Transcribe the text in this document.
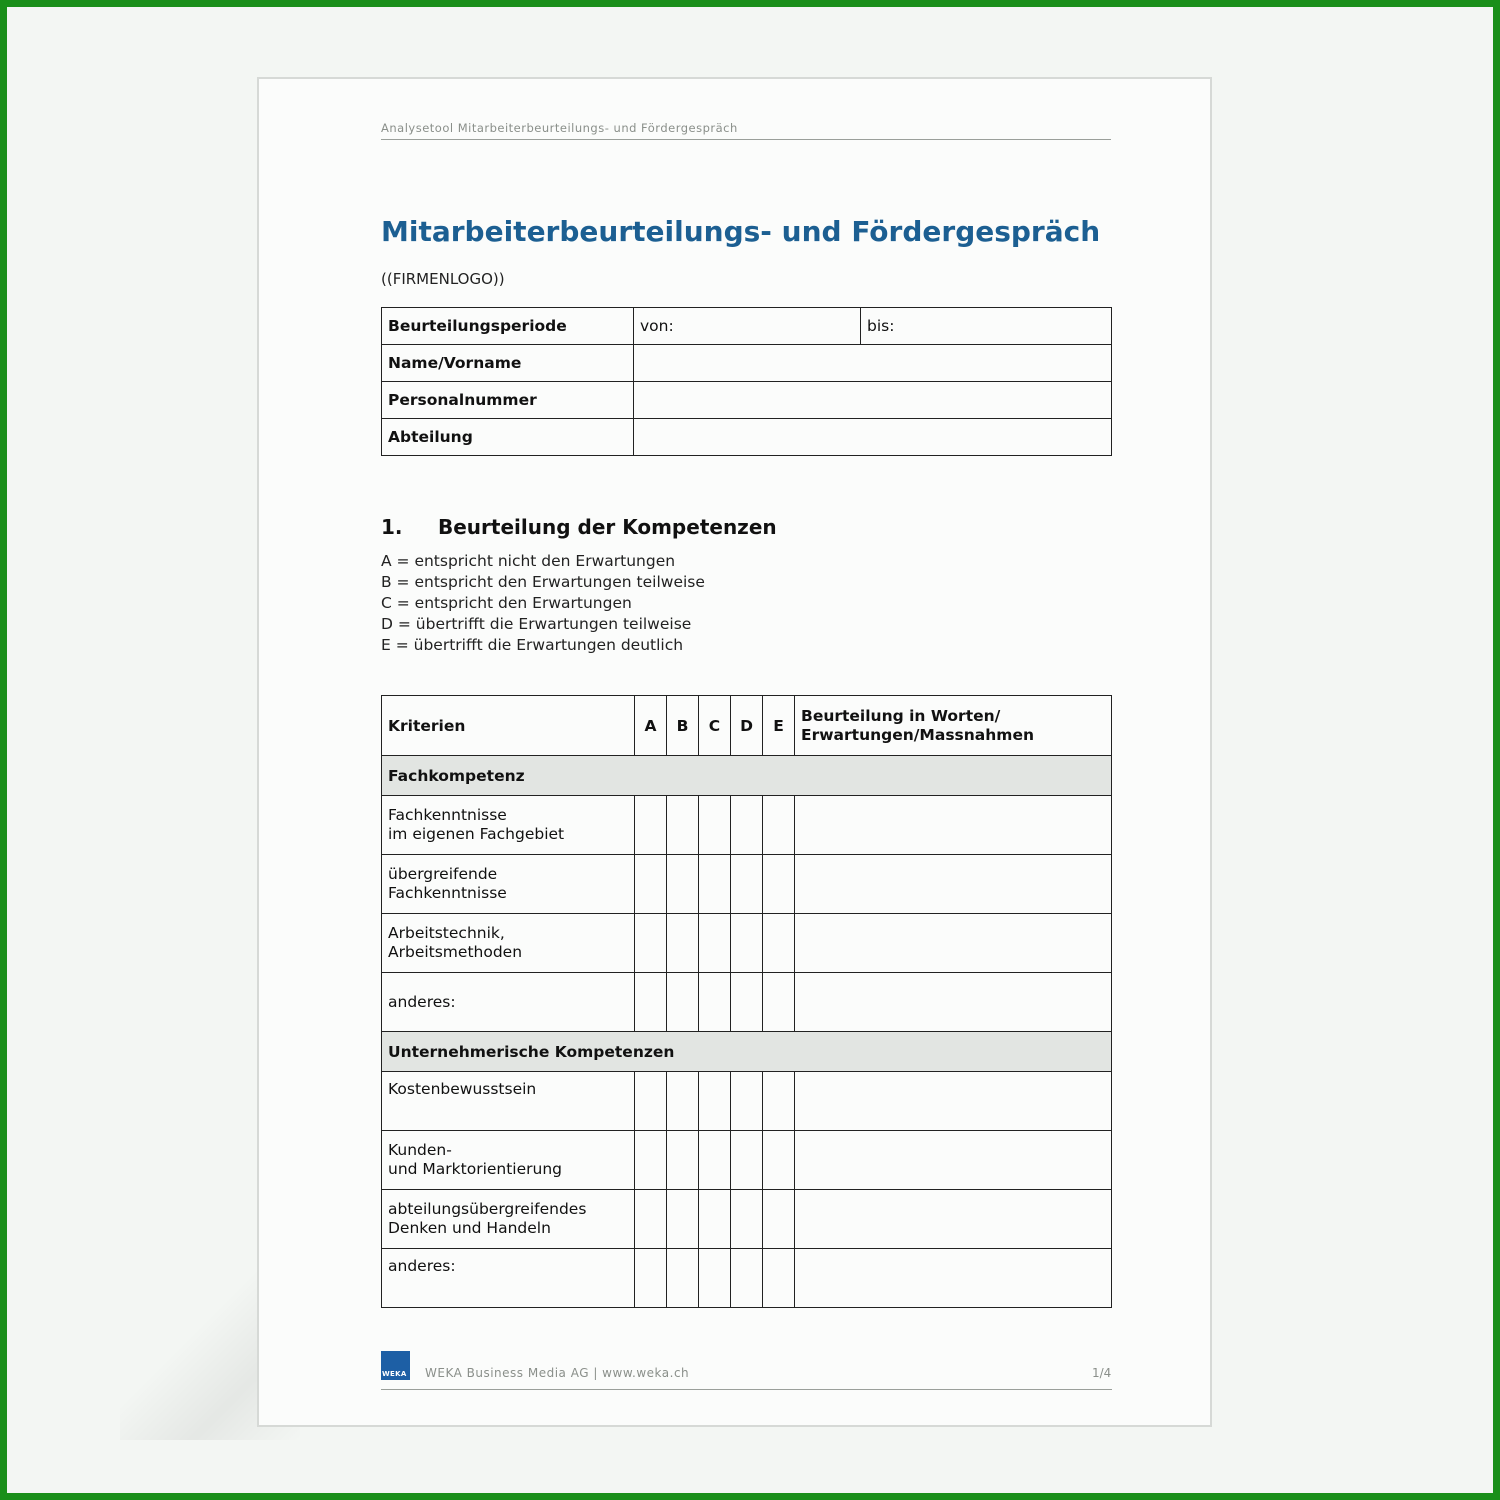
Analysetool Mitarbeiterbeurteilungs- und Fördergespräch
Mitarbeiterbeurteilungs- und Fördergespräch
((FIRMENLOGO))
Beurteilungsperiode	von:	bis:
Name/Vorname		
Personalnummer		
Abteilung		
1. Beurteilung der Kompetenzen
A = entspricht nicht den Erwartungen
B = entspricht den Erwartungen teilweise
C = entspricht den Erwartungen
D = übertrifft die Erwartungen teilweise
E = übertrifft die Erwartungen deutlich
Kriterien	A	B	C	D	E	Beurteilung in Worten/
Erwartungen/Massnahmen

Fachkompetenz						

Fachkenntnisse
im eigenen Fachgebiet						

übergreifende
Fachkenntnisse						

Arbeitstechnik,
Arbeitsmethoden						

anderes:						

Unternehmerische Kompetenzen						

Kostenbewusstsein						

Kunden-
und Marktorientierung						

abteilungsübergreifendes
Denken und Handeln						

anderes:						

WEKA WEKA Business Media AG | www.weka.ch	1/4
